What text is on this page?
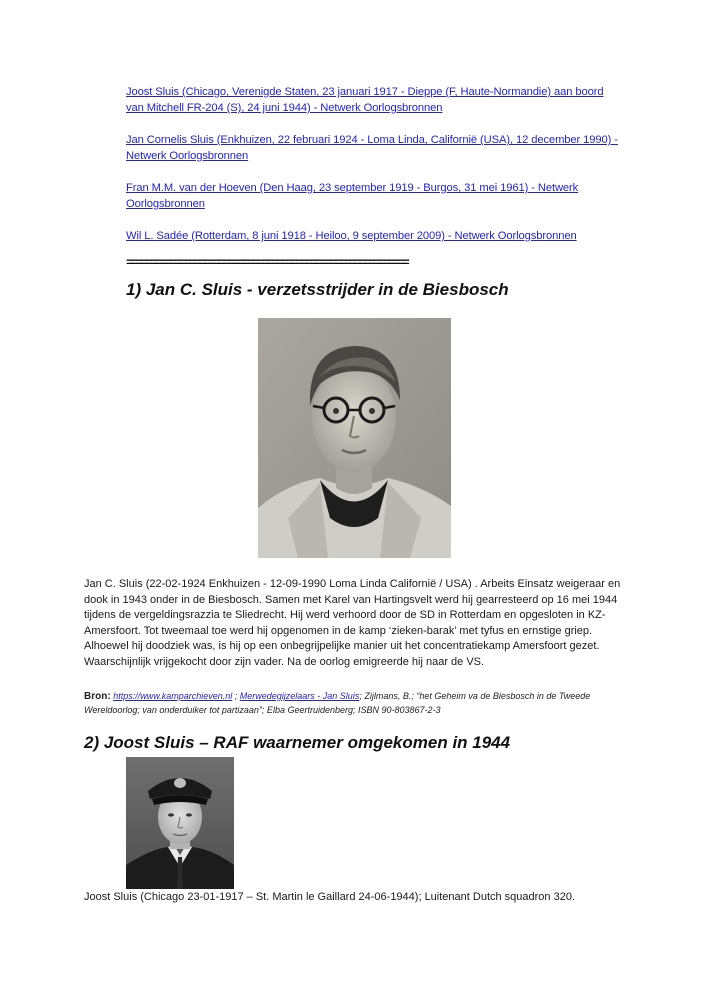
Joost Sluis (Chicago, Verenigde Staten, 23 januari 1917 - Dieppe (F, Haute-Normandie) aan boord van Mitchell FR-204 (S), 24 juni 1944) - Netwerk Oorlogsbronnen
Jan Cornelis Sluis (Enkhuizen, 22 februari 1924 - Loma Linda, Californië (USA), 12 december 1990) - Netwerk Oorlogsbronnen
Fran M.M. van der Hoeven (Den Haag, 23 september 1919 - Burgos, 31 mei 1961) - Netwerk Oorlogsbronnen
Wil L. Sadée (Rotterdam, 8 juni 1918 - Heiloo, 9 september 2009) - Netwerk Oorlogsbronnen
==========================================================
1) Jan C. Sluis - verzetsstrijder in de Biesbosch
Jan C. Sluis (22-02-1924 Enkhuizen - 12-09-1990 Loma Linda Californië / USA) . Arbeits Einsatz weigeraar en dook in 1943 onder in de Biesbosch. Samen met Karel van Hartingsvelt werd hij gearresteerd op 16 mei 1944 tijdens de vergeldingsrazzia te Sliedrecht. Hij werd verhoord door de SD in Rotterdam en opgesloten in KZ-Amersfoort. Tot tweemaal toe werd hij opgenomen in de kamp ‘zieken-barak’ met tyfus en ernstige griep. Alhoewel hij doodziek was, is hij op een onbegrijpelijke manier uit het concentratiekamp Amersfoort gezet. Waarschijnlijk vrijgekocht door zijn vader. Na de oorlog emigreerde hij naar de VS.
Bron: https://www.kamparchieven.nl ; Merwedegijzelaars - Jan Sluis; Zijlmans, B.; “het Geheim va de Biesbosch in de Tweede Wereldoorlog; van onderduiker tot partizaan”; Elba Geertruidenberg; ISBN 90-803867-2-3
2) Joost Sluis – RAF waarnemer omgekomen in 1944
Joost Sluis (Chicago 23-01-1917 – St. Martin le Gaillard 24-06-1944); Luitenant Dutch squadron 320.
